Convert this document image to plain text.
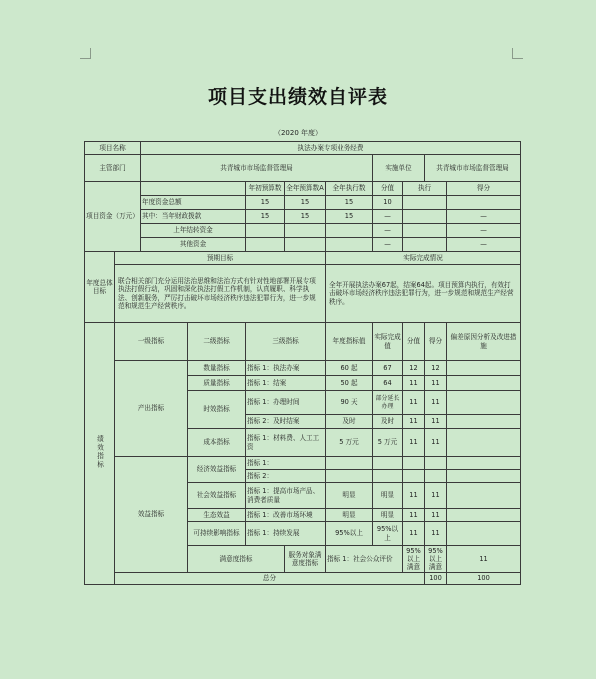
项目支出绩效自评表
（2020 年度）
项目名称		执法办案专项业务经费									
主管部门		共青城市市场监督管理局					实施单位		共青城市市场监督管理局		
项目资金（万元）				年初预算数	全年预算数A	全年执行数	分值	执行		得分	
		年度资金总额		15	15	15	10				
		其中：当年财政拨款		15	15	15	—			—	
		上年结转资金					—			—	
		其他资金					—			—	
年度总体目标	预期目标					实际完成情况					
	联合相关部门充分运用法治思维和法治方式有针对性地部署开展专项执法打假行动，巩固和深化执法打假工作机制，认真履职、科学执法、创新服务，严厉打击破坏市场经济秩序违法犯罪行为，进一步规范和规范生产经营秩序。					全年开展执法办案67起，结案64起。项目预算内执行，有效打击破坏市场经济秩序违法犯罪行为，进一步规范和规范生产经营秩序。					
绩效指标	一级指标		二级指标	三级指标		年度指标值	实际完成值	分值	得分	偏差原因分析及改进措施	
	产出指标		数量指标	指标 1：执法办案		60 起	67	12	12		
			质量指标	指标 1：结案		50 起	64	11	11		
			时效指标	指标 1：办理时间		90 天	部分延长办理	11	11		
				指标 2：及时结案		及时	及时	11	11		
			成本指标	指标 1：材料费、人工工资		5 万元	5 万元	11	11		
	效益指标		经济效益指标	指标 1：							
				指标 2：							
			社会效益指标	指标 1：提高市场产品、消费者质量		明显	明显	11	11		
			生态效益	指标 1：改善市场环境		明显	明显	11	11		
			可持续影响指标	指标 1：持续发展		95%以上	95%以上	11	11		
			满意度指标		服务对象满意度指标	指标 1：社会公众评价		95%以上满意	95%以上满意	11		
	总分								100	100	
